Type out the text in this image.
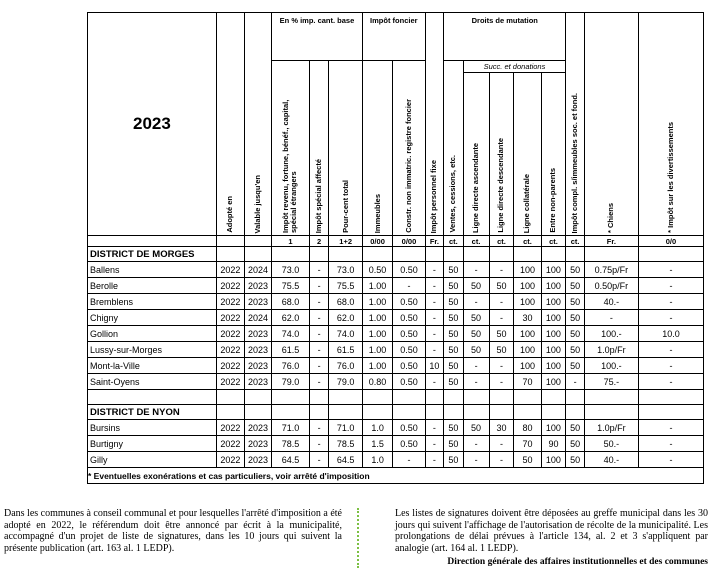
2023	Adopté en	Valable jusqu'en	En % imp. cant. base			Impôt foncier		Impôt personnel fixe	Droits de mutation					Impôt compl. s/immeubles soc. et fond.	* Chiens	* Impôt sur les divertissements

			Impôt revenu, fortune, bénéf., capital, spécial étrangers	Impôt spécial affecté	Pour-cent total	Immeubles	Constr. non immatric. registre foncier		Ventes, cessions, etc.	Succ. et donations						

										Ligne directe ascendante	Ligne directe descendante	Ligne collatérale	Entre non-parents			

			1	2	1+2	0/00	0/00	Fr.	ct.	ct.	ct.	ct.	ct.	ct.	Fr.	0/0
DISTRICT DE MORGES																
Ballens	2022	2024	73.0	-	73.0	0.50	0.50	-	50	-	-	100	100	50	0.75p/Fr	-
Berolle	2022	2023	75.5	-	75.5	1.00	-	-	50	50	50	100	100	50	0.50p/Fr	-
Bremblens	2022	2023	68.0	-	68.0	1.00	0.50	-	50	-	-	100	100	50	40.-	-
Chigny	2022	2024	62.0	-	62.0	1.00	0.50	-	50	50	-	30	100	50	-	-
Gollion	2022	2023	74.0	-	74.0	1.00	0.50	-	50	50	50	100	100	50	100.-	10.0
Lussy-sur-Morges	2022	2023	61.5	-	61.5	1.00	0.50	-	50	50	50	100	100	50	1.0p/Fr	-
Mont-la-Ville	2022	2023	76.0	-	76.0	1.00	0.50	10	50	-	-	100	100	50	100.-	-
Saint-Oyens	2022	2023	79.0	-	79.0	0.80	0.50	-	50	-	-	70	100	-	75.-	-

DISTRICT DE NYON																
Bursins	2022	2023	71.0	-	71.0	1.0	0.50	-	50	50	30	80	100	50	1.0p/Fr	-
Burtigny	2022	2023	78.5	-	78.5	1.5	0.50	-	50	-	-	70	90	50	50.-	-
Gilly	2022	2023	64.5	-	64.5	1.0	-	-	50	-	-	50	100	50	40.-	-
* Eventuelles exonérations et cas particuliers, voir arrêté d'imposition																
Dans les communes à conseil communal et pour lesquelles l'arrêté d'imposition a été adopté en 2022, le référendum doit être annoncé par écrit à la municipalité, accompagné d'un projet de liste de signatures, dans les 10 jours qui suivent la présente publication (art. 163 al. 1 LEDP).
Les listes de signatures doivent être déposées au greffe municipal dans les 30 jours qui suivent l'affichage de l'autorisation de récolte de la municipalité. Les prolongations de délai prévues à l'article 134, al. 2 et 3 s'appliquent par analogie (art. 164 al. 1 LEDP).
Direction générale des affaires institutionnelles et des communes
